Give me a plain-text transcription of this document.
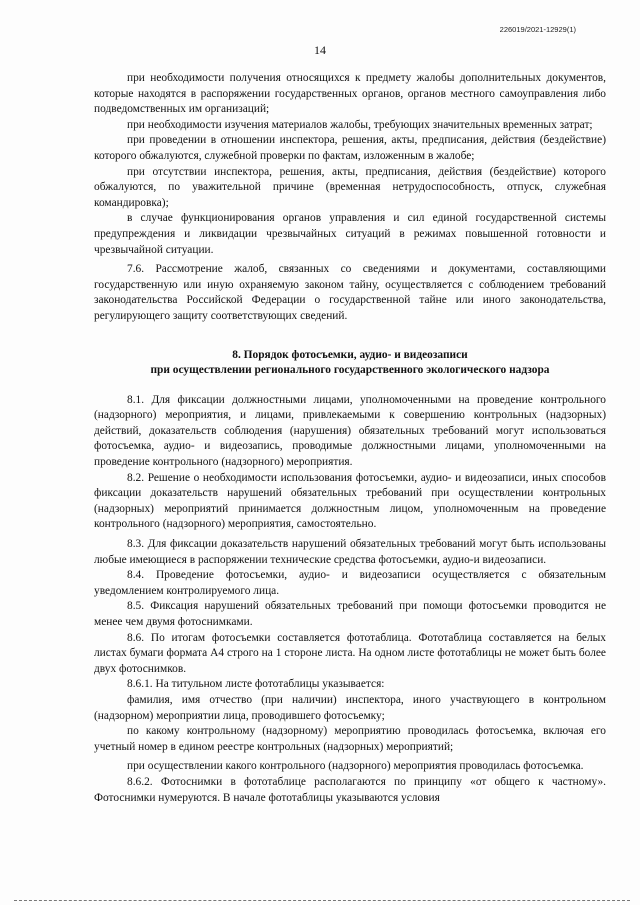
226019/2021-12929(1)
14

при необходимости получения относящихся к предмету жалобы дополнительных документов, которые находятся в распоряжении государственных органов, органов местного самоуправления либо подведомственных им организаций;

при необходимости изучения материалов жалобы, требующих значительных временных затрат;

при проведении в отношении инспектора, решения, акты, предписания, действия (бездействие) которого обжалуются, служебной проверки по фактам, изложенным в жалобе;

при отсутствии инспектора, решения, акты, предписания, действия (бездействие) которого обжалуются, по уважительной причине (временная нетрудоспособность, отпуск, служебная командировка);

в случае функционирования органов управления и сил единой государственной системы предупреждения и ликвидации чрезвычайных ситуаций в режимах повышенной готовности и чрезвычайной ситуации.

7.6. Рассмотрение жалоб, связанных со сведениями и документами, составляющими государственную или иную охраняемую законом тайну, осуществляется с соблюдением требований законодательства Российской Федерации о государственной тайне или иного законодательства, регулирующего защиту соответствующих сведений.

8. Порядок фотосъемки, аудио- и видеозаписи
при осуществлении регионального государственного экологического надзора

8.1. Для фиксации должностными лицами, уполномоченными на проведение контрольного (надзорного) мероприятия, и лицами, привлекаемыми к совершению контрольных (надзорных) действий, доказательств соблюдения (нарушения) обязательных требований могут использоваться фотосъемка, аудио- и видеозапись, проводимые должностными лицами, уполномоченными на проведение контрольного (надзорного) мероприятия.

8.2. Решение о необходимости использования фотосъемки, аудио- и видеозаписи, иных способов фиксации доказательств нарушений обязательных требований при осуществлении контрольных (надзорных) мероприятий принимается должностным лицом, уполномоченным на проведение контрольного (надзорного) мероприятия, самостоятельно.

8.3. Для фиксации доказательств нарушений обязательных требований могут быть использованы любые имеющиеся в распоряжении технические средства фотосъемки, аудио-и видеозаписи.

8.4. Проведение фотосъемки, аудио- и видеозаписи осуществляется с обязательным уведомлением контролируемого лица.

8.5. Фиксация нарушений обязательных требований при помощи фотосъемки проводится не менее чем двумя фотоснимками.

8.6. По итогам фотосъемки составляется фототаблица. Фототаблица составляется на белых листах бумаги формата А4 строго на 1 стороне листа. На одном листе фототаблицы не может быть более двух фотоснимков.

8.6.1. На титульном листе фототаблицы указывается:

фамилия, имя отчество (при наличии) инспектора, иного участвующего в контрольном (надзорном) мероприятии лица, проводившего фотосъемку;

по какому контрольному (надзорному) мероприятию проводилась фотосъемка, включая его учетный номер в едином реестре контрольных (надзорных) мероприятий;

при осуществлении какого контрольного (надзорного) мероприятия проводилась фотосъемка.

8.6.2. Фотоснимки в фототаблице располагаются по принципу «от общего к частному». Фотоснимки нумеруются. В начале фототаблицы указываются условия
